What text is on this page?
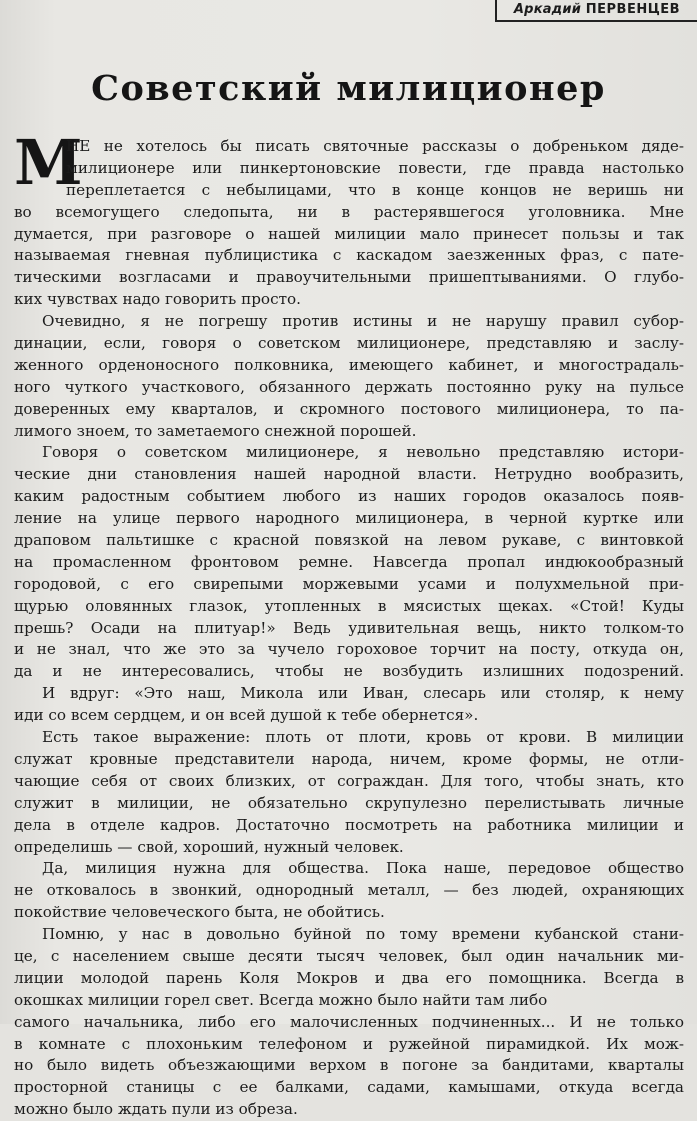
Аркадий ПЕРВЕНЦЕВ
Советский милиционер
М
НЕ не хотелось бы писать святочные рассказы о добреньком дяде-
милиционере или пинкертоновские повести, где правда настолько
переплетается с небылицами, что в конце концов не веришь ни
во всемогущего следопыта, ни в растерявшегося уголовника. Мне
думается, при разговоре о нашей милиции мало принесет пользы и так
называемая гневная публицистика с каскадом заезженных фраз, с пате-
тическими возгласами и правоучительными пришептываниями. О глубо-
ких чувствах надо говорить просто.
Очевидно, я не погрешу против истины и не нарушу правил субор-
динации, если, говоря о советском милиционере, представляю и заслу-
женного орденоносного полковника, имеющего кабинет, и многострадаль-
ного чуткого участкового, обязанного держать постоянно руку на пульсе
доверенных ему кварталов, и скромного постового милиционера, то па-
лимого зноем, то заметаемого снежной порошей.
Говоря о советском милиционере, я невольно представляю истори-
ческие дни становления нашей народной власти. Нетрудно вообразить,
каким радостным событием любого из наших городов оказалось появ-
ление на улице первого народного милиционера, в черной куртке или
драповом пальтишке с красной повязкой на левом рукаве, с винтовкой
на промасленном фронтовом ремне. Навсегда пропал индюкообразный
городовой, с его свирепыми моржевыми усами и полухмельной при-
щурью оловянных глазок, утопленных в мясистых щеках. «Стой! Куды
прешь? Осади на плитуар!» Ведь удивительная вещь, никто толком-то
и не знал, что же это за чучело гороховое торчит на посту, откуда он,
да и не интересовались, чтобы не возбудить излишних подозрений.
И вдруг: «Это наш, Микола или Иван, слесарь или столяр, к нему
иди со всем сердцем, и он всей душой к тебе обернется».
Есть такое выражение: плоть от плоти, кровь от крови. В милиции
служат кровные представители народа, ничем, кроме формы, не отли-
чающие себя от своих близких, от сограждан. Для того, чтобы знать, кто
служит в милиции, не обязательно скрупулезно перелистывать личные
дела в отделе кадров. Достаточно посмотреть на работника милиции и
определишь — свой, хороший, нужный человек.
Да, милиция нужна для общества. Пока наше, передовое общество
не отковалось в звонкий, однородный металл, — без людей, охраняющих
покойствие человеческого быта, не обойтись.
Помню, у нас в довольно буйной по тому времени кубанской стани-
це, с населением свыше десяти тысяч человек, был один начальник ми-
лиции молодой парень Коля Мокров и два его помощника. Всегда в
окошках милиции горел свет. Всегда можно было найти там либо
самого начальника, либо его малочисленных подчиненных... И не только
в комнате с плохоньким телефоном и ружейной пирамидкой. Их мож-
но было видеть объезжающими верхом в погоне за бандитами, кварталы
просторной станицы с ее балками, садами, камышами, откуда всегда
можно было ждать пули из обреза.
